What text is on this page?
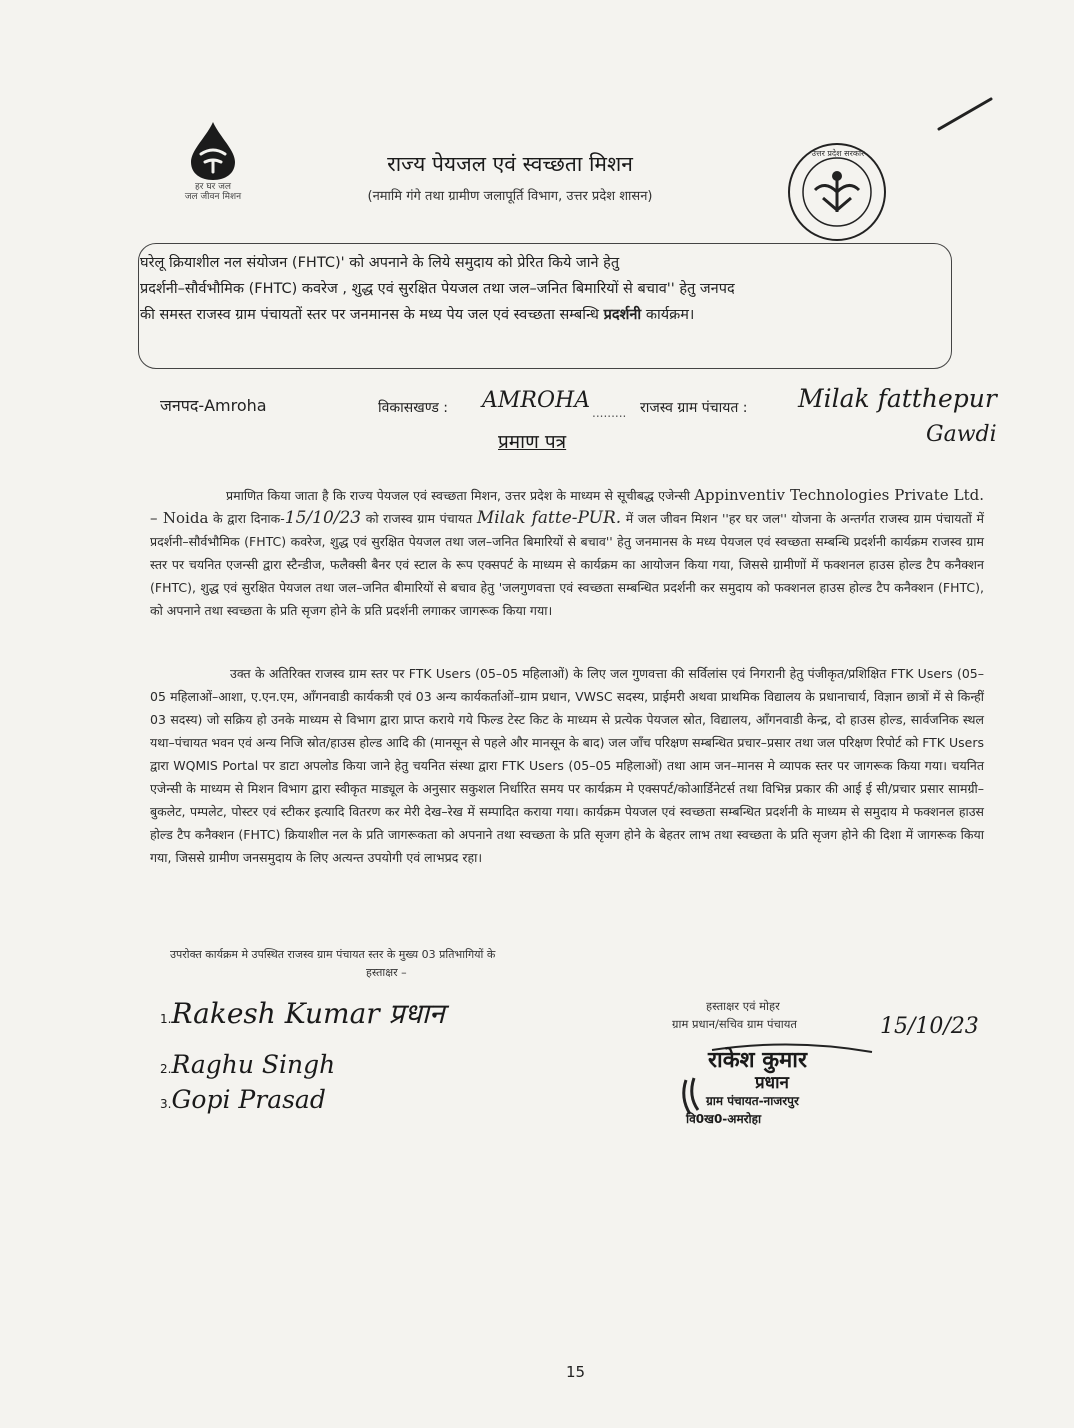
हर घर जल
जल जीवन मिशन
उत्तर प्रदेश सरकार
राज्य पेयजल एवं स्वच्छता मिशन
(नमामि गंगे तथा ग्रामीण जलापूर्ति विभाग, उत्तर प्रदेश शासन)
घरेलू क्रियाशील नल संयोजन (FHTC)' को अपनाने के लिये समुदाय को प्रेरित किये जाने हेतु
प्रदर्शनी–सौर्वभौमिक (FHTC) कवरेज , शुद्ध एवं सुरक्षित पेयजल तथा जल–जनित बिमारियों से बचाव'' हेतु जनपद
की समस्त राजस्व ग्राम पंचायतों स्तर पर जनमानस के मध्य पेय जल एवं स्वच्छता सम्बन्धि प्रदर्शनी कार्यक्रम।
जनपद-Amroha	विकासखण्ड : AMROHA ......... राजस्व ग्राम पंचायत : Milak fatthepur
Gawdi
प्रमाण पत्र
प्रमाणित किया जाता है कि राज्य पेयजल एवं स्वच्छता मिशन, उत्तर प्रदेश के माध्यम से सूचीबद्ध एजेन्सी Appinventiv Technologies Private Ltd. – Noida के द्वारा दिनाक-15/10/23 को राजस्व ग्राम पंचायत Milak fatte-PUR. में जल जीवन मिशन ''हर घर जल'' योजना के अन्तर्गत राजस्व ग्राम पंचायतों में प्रदर्शनी–सौर्वभौमिक (FHTC) कवरेज, शुद्ध एवं सुरक्षित पेयजल तथा जल–जनित बिमारियों से बचाव'' हेतु जनमानस के मध्य पेयजल एवं स्वच्छता सम्बन्धि प्रदर्शनी कार्यक्रम राजस्व ग्राम स्तर पर चयनित एजन्सी द्वारा स्टैन्डीज, फलैक्सी बैनर एवं स्टाल के रूप एक्सपर्ट के माध्यम से कार्यक्रम का आयोजन किया गया, जिससे ग्रामीणों में फक्शनल हाउस होल्ड टैप कनैक्शन (FHTC), शुद्ध एवं सुरक्षित पेयजल तथा जल–जनित बीमारियों से बचाव हेतु 'जलगुणवत्ता एवं स्वच्छता सम्बन्धित प्रदर्शनी कर समुदाय को फक्शनल हाउस होल्ड टैप कनैक्शन (FHTC), को अपनाने तथा स्वच्छता के प्रति सृजग होने के प्रति प्रदर्शनी लगाकर जागरूक किया गया।
उक्त के अतिरिक्त राजस्व ग्राम स्तर पर FTK Users (05–05 महिलाओं) के लिए जल गुणवत्ता की सर्विलांस एवं निगरानी हेतु पंजीकृत/प्रशिक्षित FTK Users (05–05 महिलाओं–आशा, ए.एन.एम, आँगनवाडी कार्यकत्री एवं 03 अन्य कार्यकर्ताओं–ग्राम प्रधान, VWSC सदस्य, प्राईमरी अथवा प्राथमिक विद्यालय के प्रधानाचार्य, विज्ञान छात्रों में से किन्हीं 03 सदस्य) जो सक्रिय हो उनके माध्यम से विभाग द्वारा प्राप्त कराये गये फिल्ड टेस्ट किट के माध्यम से प्रत्येक पेयजल स्रोत, विद्यालय, आँगनवाडी केन्द्र, दो हाउस होल्ड, सार्वजनिक स्थल यथा–पंचायत भवन एवं अन्य निजि स्रोत/हाउस होल्ड आदि की (मानसून से पहले और मानसून के बाद) जल जाँच परिक्षण सम्बन्धित प्रचार–प्रसार तथा जल परिक्षण रिपोर्ट को FTK Users द्वारा WQMIS Portal पर डाटा अपलोड किया जाने हेतु चयनित संस्था द्वारा FTK Users (05–05 महिलाओं) तथा आम जन–मानस मे व्यापक स्तर पर जागरूक किया गया। चयनित एजेन्सी के माध्यम से मिशन विभाग द्वारा स्वीकृत माड्यूल के अनुसार सकुशल निर्धारित समय पर कार्यक्रम मे एक्सपर्ट/कोआर्डिनेटर्स तथा विभिन्न प्रकार की आई ई सी/प्रचार प्रसार सामग्री–बुकलेट, पम्पलेट, पोस्टर एवं स्टीकर इत्यादि वितरण कर मेरी देख–रेख में सम्पादित कराया गया। कार्यक्रम पेयजल एवं स्वच्छता सम्बन्धित प्रदर्शनी के माध्यम से समुदाय मे फक्शनल हाउस होल्ड टैप कनैक्शन (FHTC) क्रियाशील नल के प्रति जागरूकता को अपनाने तथा स्वच्छता के प्रति सृजग होने के बेहतर लाभ तथा स्वच्छता के प्रति सृजग होने की दिशा में जागरूक किया गया, जिससे ग्रामीण जनसमुदाय के लिए अत्यन्त उपयोगी एवं लाभप्रद रहा।
उपरोक्त कार्यक्रम मे उपस्थित राजस्व ग्राम पंचायत स्तर के मुख्य 03 प्रतिभागियों के
हस्ताक्षर –
1.Rakesh Kumar प्रधान
2.Raghu Singh
3.Gopi Prasad
हस्ताक्षर एवं मोहर
ग्राम प्रधान/सचिव ग्राम पंचायत	15/10/23
राकेश कुमार
प्रधान
ग्राम पंचायत-नाजरपुर
वि0ख0-अमरोहा
15
